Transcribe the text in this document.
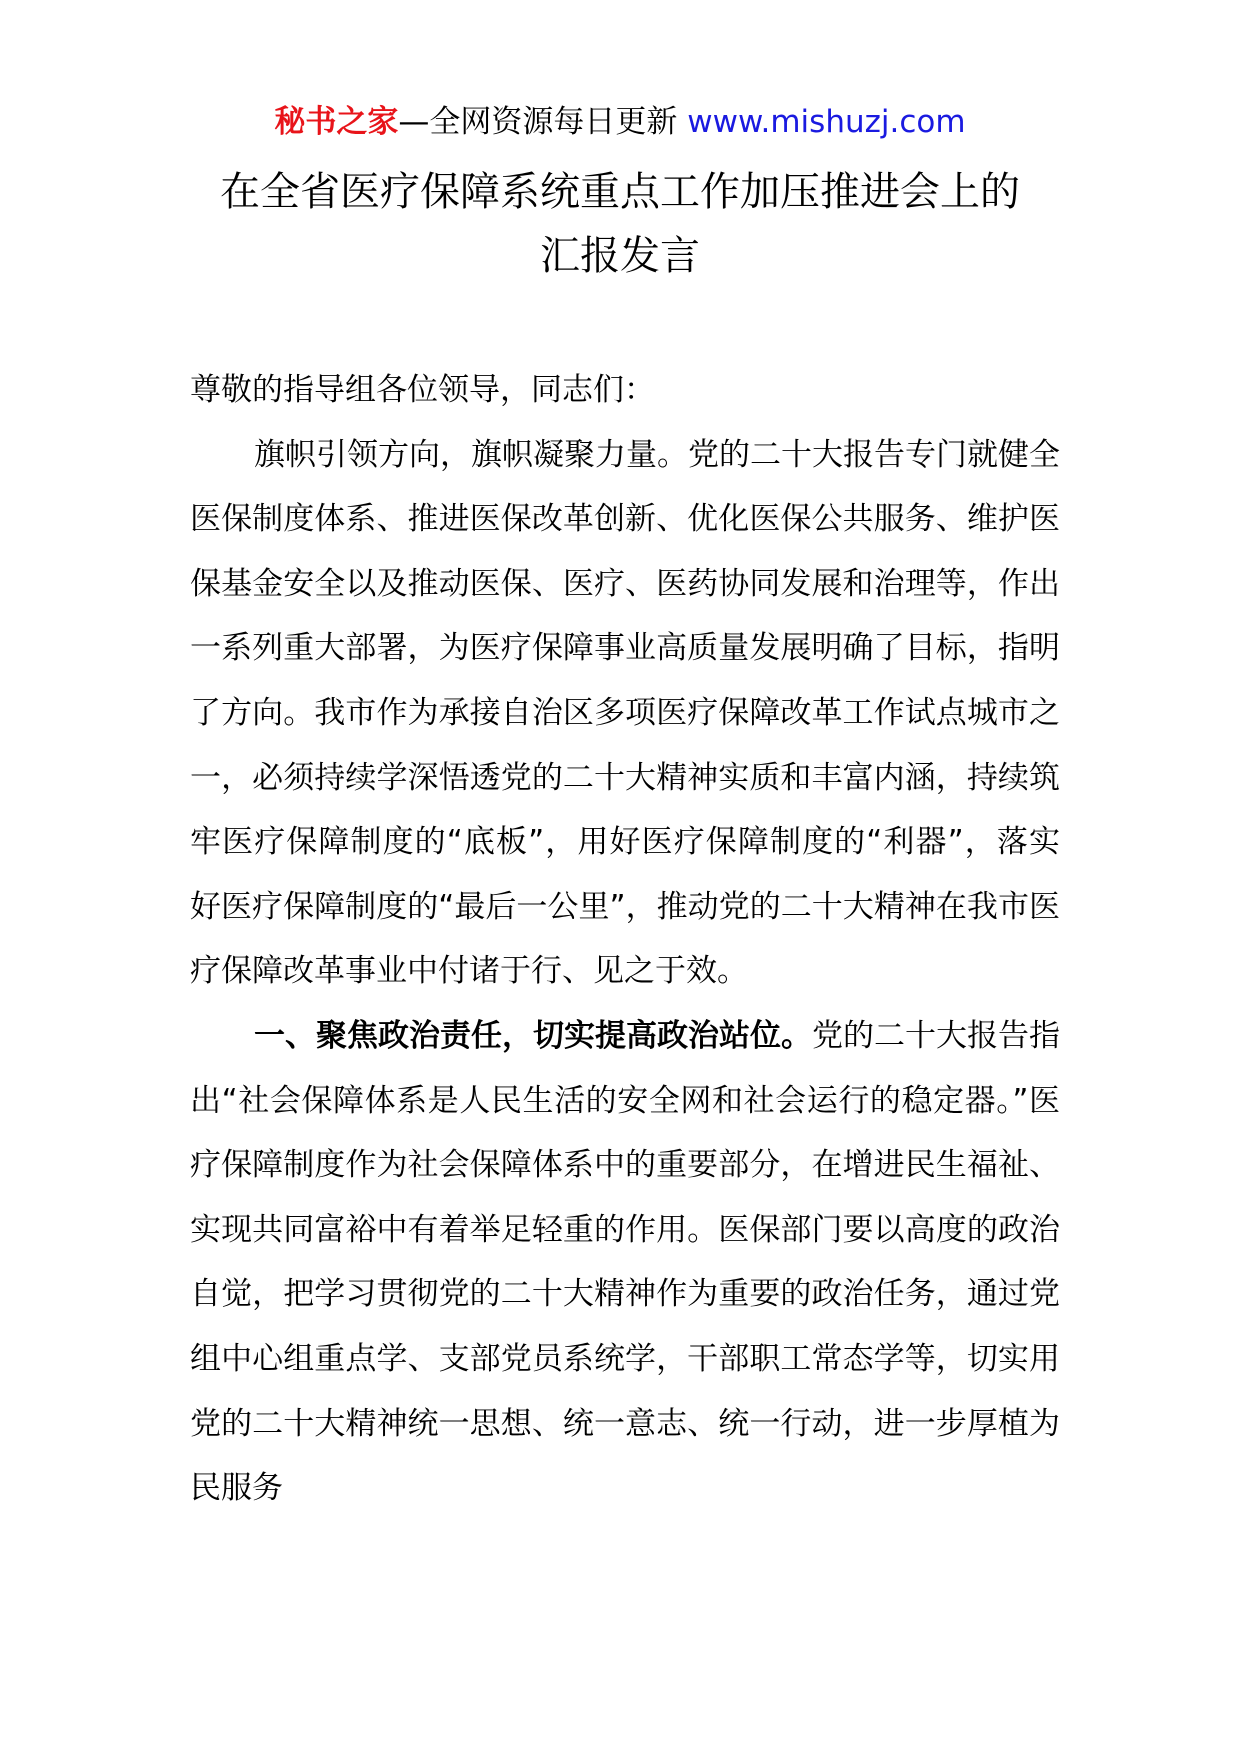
秘书之家—全网资源每日更新 www.mishuzj.com
在全省医疗保障系统重点工作加压推进会上的
汇报发言

尊敬的指导组各位领导，同志们：

旗帜引领方向，旗帜凝聚力量。党的二十大报告专门就健全医保制度体系、推进医保改革创新、优化医保公共服务、维护医保基金安全以及推动医保、医疗、医药协同发展和治理等，作出一系列重大部署，为医疗保障事业高质量发展明确了目标，指明了方向。我市作为承接自治区多项医疗保障改革工作试点城市之一，必须持续学深悟透党的二十大精神实质和丰富内涵，持续筑牢医疗保障制度的“底板”，用好医疗保障制度的“利器”，落实好医疗保障制度的“最后一公里”，推动党的二十大精神在我市医疗保障改革事业中付诸于行、见之于效。

一、聚焦政治责任，切实提高政治站位。党的二十大报告指出“社会保障体系是人民生活的安全网和社会运行的稳定器。”医疗保障制度作为社会保障体系中的重要部分，在增进民生福祉、实现共同富裕中有着举足轻重的作用。医保部门要以高度的政治自觉，把学习贯彻党的二十大精神作为重要的政治任务，通过党组中心组重点学、支部党员系统学，干部职工常态学等，切实用党的二十大精神统一思想、统一意志、统一行动，进一步厚植为民服务
